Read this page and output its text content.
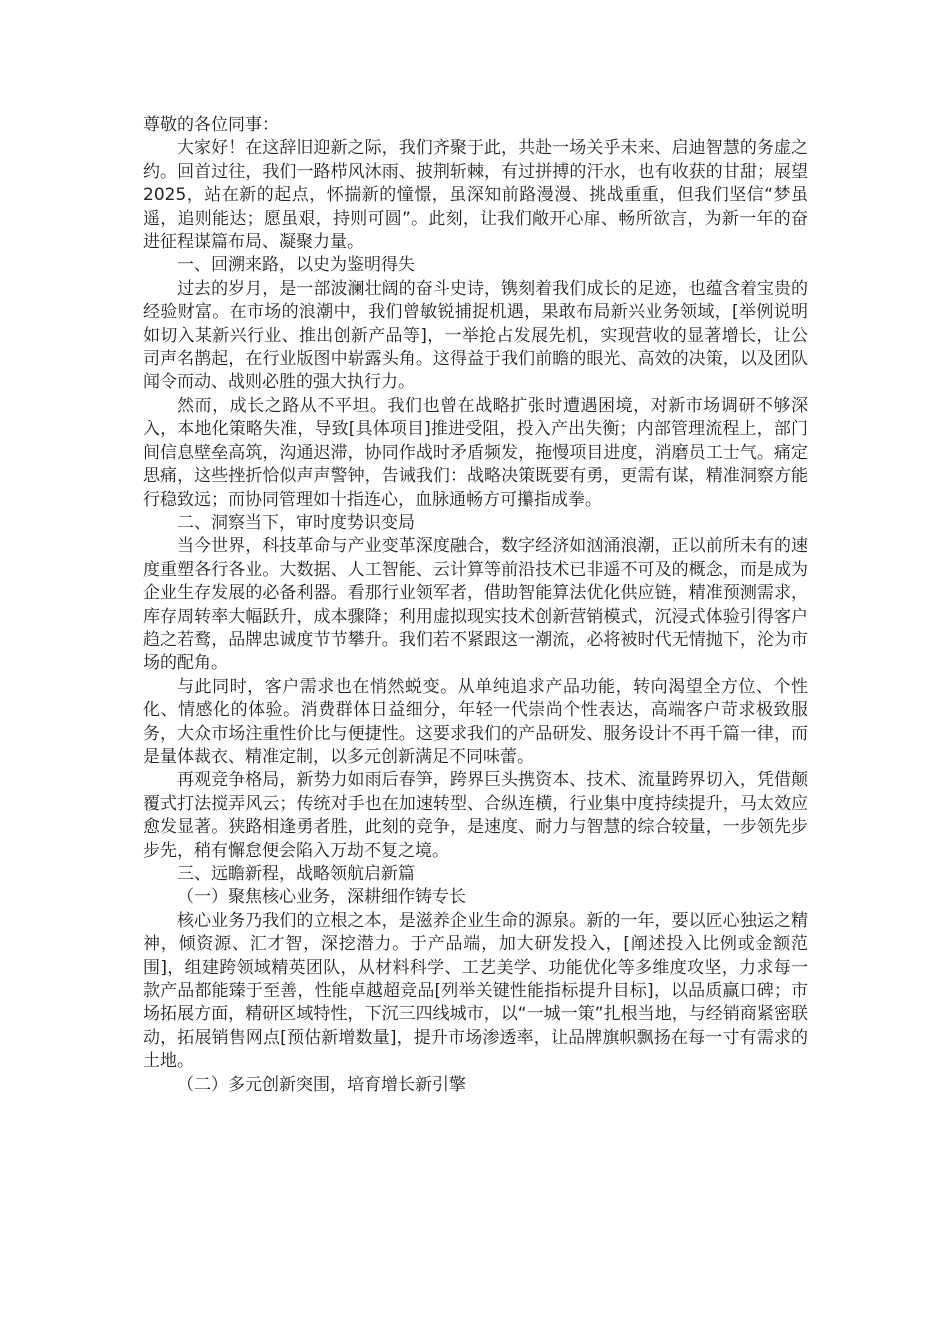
尊敬的各位同事：

大家好！在这辞旧迎新之际，我们齐聚于此，共赴一场关乎未来、启迪智慧的务虚之约。回首过往，我们一路栉风沐雨、披荆斩棘，有过拼搏的汗水，也有收获的甘甜；展望2025，站在新的起点，怀揣新的憧憬，虽深知前路漫漫、挑战重重，但我们坚信“梦虽遥，追则能达；愿虽艰，持则可圆”。此刻，让我们敞开心扉、畅所欲言，为新一年的奋进征程谋篇布局、凝聚力量。

一、回溯来路，以史为鉴明得失

过去的岁月，是一部波澜壮阔的奋斗史诗，镌刻着我们成长的足迹，也蕴含着宝贵的经验财富。在市场的浪潮中，我们曾敏锐捕捉机遇，果敢布局新兴业务领域，[举例说明如切入某新兴行业、推出创新产品等]，一举抢占发展先机，实现营收的显著增长，让公司声名鹊起，在行业版图中崭露头角。这得益于我们前瞻的眼光、高效的决策，以及团队闻令而动、战则必胜的强大执行力。

然而，成长之路从不平坦。我们也曾在战略扩张时遭遇困境，对新市场调研不够深入，本地化策略失准，导致[具体项目]推进受阻，投入产出失衡；内部管理流程上，部门间信息壁垒高筑，沟通迟滞，协同作战时矛盾频发，拖慢项目进度，消磨员工士气。痛定思痛，这些挫折恰似声声警钟，告诫我们：战略决策既要有勇，更需有谋，精准洞察方能行稳致远；而协同管理如十指连心，血脉通畅方可攥指成拳。

二、洞察当下，审时度势识变局

当今世界，科技革命与产业变革深度融合，数字经济如汹涌浪潮，正以前所未有的速度重塑各行各业。大数据、人工智能、云计算等前沿技术已非遥不可及的概念，而是成为企业生存发展的必备利器。看那行业领军者，借助智能算法优化供应链，精准预测需求，库存周转率大幅跃升，成本骤降；利用虚拟现实技术创新营销模式，沉浸式体验引得客户趋之若鹜，品牌忠诚度节节攀升。我们若不紧跟这一潮流，必将被时代无情抛下，沦为市场的配角。

与此同时，客户需求也在悄然蜕变。从单纯追求产品功能，转向渴望全方位、个性化、情感化的体验。消费群体日益细分，年轻一代崇尚个性表达，高端客户苛求极致服务，大众市场注重性价比与便捷性。这要求我们的产品研发、服务设计不再千篇一律，而是量体裁衣、精准定制，以多元创新满足不同味蕾。

再观竞争格局，新势力如雨后春笋，跨界巨头携资本、技术、流量跨界切入，凭借颠覆式打法搅弄风云；传统对手也在加速转型、合纵连横，行业集中度持续提升，马太效应愈发显著。狭路相逢勇者胜，此刻的竞争，是速度、耐力与智慧的综合较量，一步领先步步先，稍有懈怠便会陷入万劫不复之境。

三、远瞻新程，战略领航启新篇

（一）聚焦核心业务，深耕细作铸专长

核心业务乃我们的立根之本，是滋养企业生命的源泉。新的一年，要以匠心独运之精神，倾资源、汇才智，深挖潜力。于产品端，加大研发投入，[阐述投入比例或金额范围]，组建跨领域精英团队，从材料科学、工艺美学、功能优化等多维度攻坚，力求每一款产品都能臻于至善，性能卓越超竞品[列举关键性能指标提升目标]，以品质赢口碑；市场拓展方面，精研区域特性，下沉三四线城市，以“一城一策”扎根当地，与经销商紧密联动，拓展销售网点[预估新增数量]，提升市场渗透率，让品牌旗帜飘扬在每一寸有需求的土地。

（二）多元创新突围，培育增长新引擎
